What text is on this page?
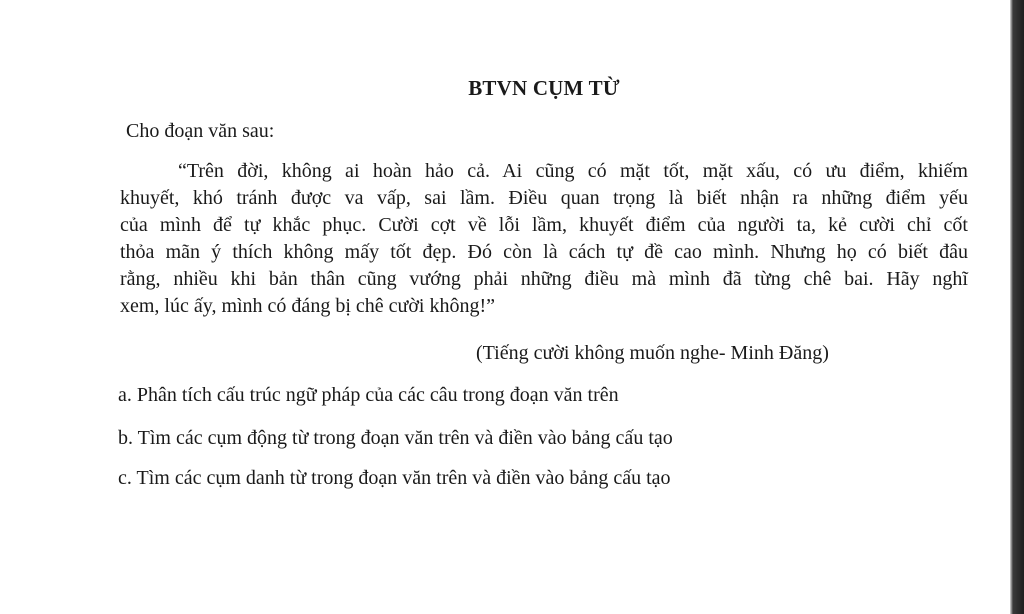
BTVN CỤM TỪ
Cho đoạn văn sau:
“Trên đời, không ai hoàn hảo cả. Ai cũng có mặt tốt, mặt xấu, có ưu điểm, khiếm
khuyết, khó tránh được va vấp, sai lầm. Điều quan trọng là biết nhận ra những điểm yếu
của mình để tự khắc phục. Cười cợt về lỗi lầm, khuyết điểm của người ta, kẻ cười chỉ cốt
thỏa mãn ý thích không mấy tốt đẹp. Đó còn là cách tự đề cao mình. Nhưng họ có biết đâu
rằng, nhiều khi bản thân cũng vướng phải những điều mà mình đã từng chê bai. Hãy nghĩ
xem, lúc ấy, mình có đáng bị chê cười không!”
(Tiếng cười không muốn nghe- Minh Đăng)
a. Phân tích cấu trúc ngữ pháp của các câu trong đoạn văn trên
b. Tìm các cụm động từ trong đoạn văn trên và điền vào bảng cấu tạo
c. Tìm các cụm danh từ trong đoạn văn trên và điền vào bảng cấu tạo
